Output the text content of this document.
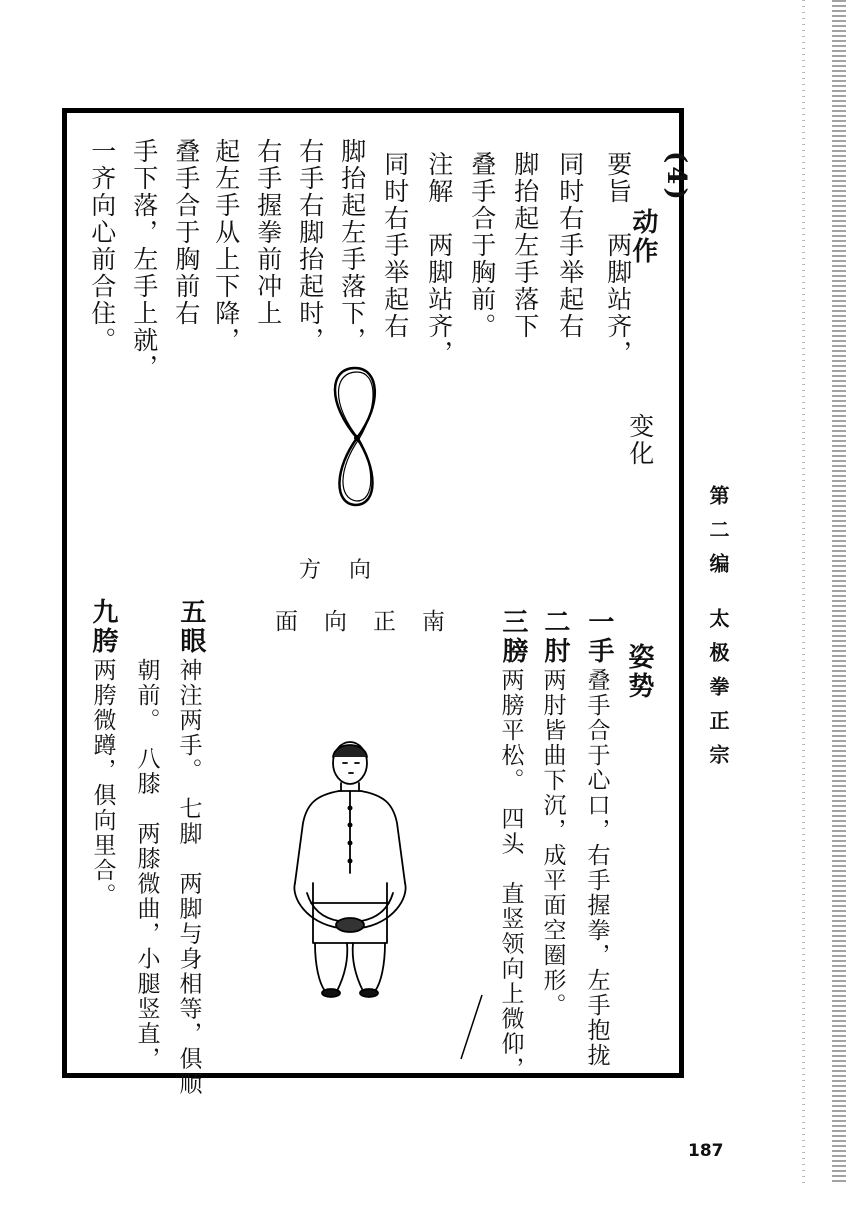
(4)
动作
要旨　两脚站齐，
同时右手举起右
脚抬起左手落下
叠手合于胸前。
注解　两脚站齐，
同时右手举起右
脚抬起左手落下，
右手右脚抬起时，
右手握拳前冲上
起左手从上下降，
叠手合于胸前右
手下落，左手上就，
一齐向心前合住。
变化
方向
面向正南
姿势
一手
叠手合于心口，右手握拳，左手抱拢
二肘
两肘皆曲下沉，成平面空圈形。
三膀
两膀平松。　四头　直竖领向上微仰，
五眼
神注两手。　七脚　两脚与身相等，俱顺
朝前。　八膝　两膝微曲，小腿竖直，
九胯
两胯微蹲，俱向里合。
第二编 太极拳正宗
187
